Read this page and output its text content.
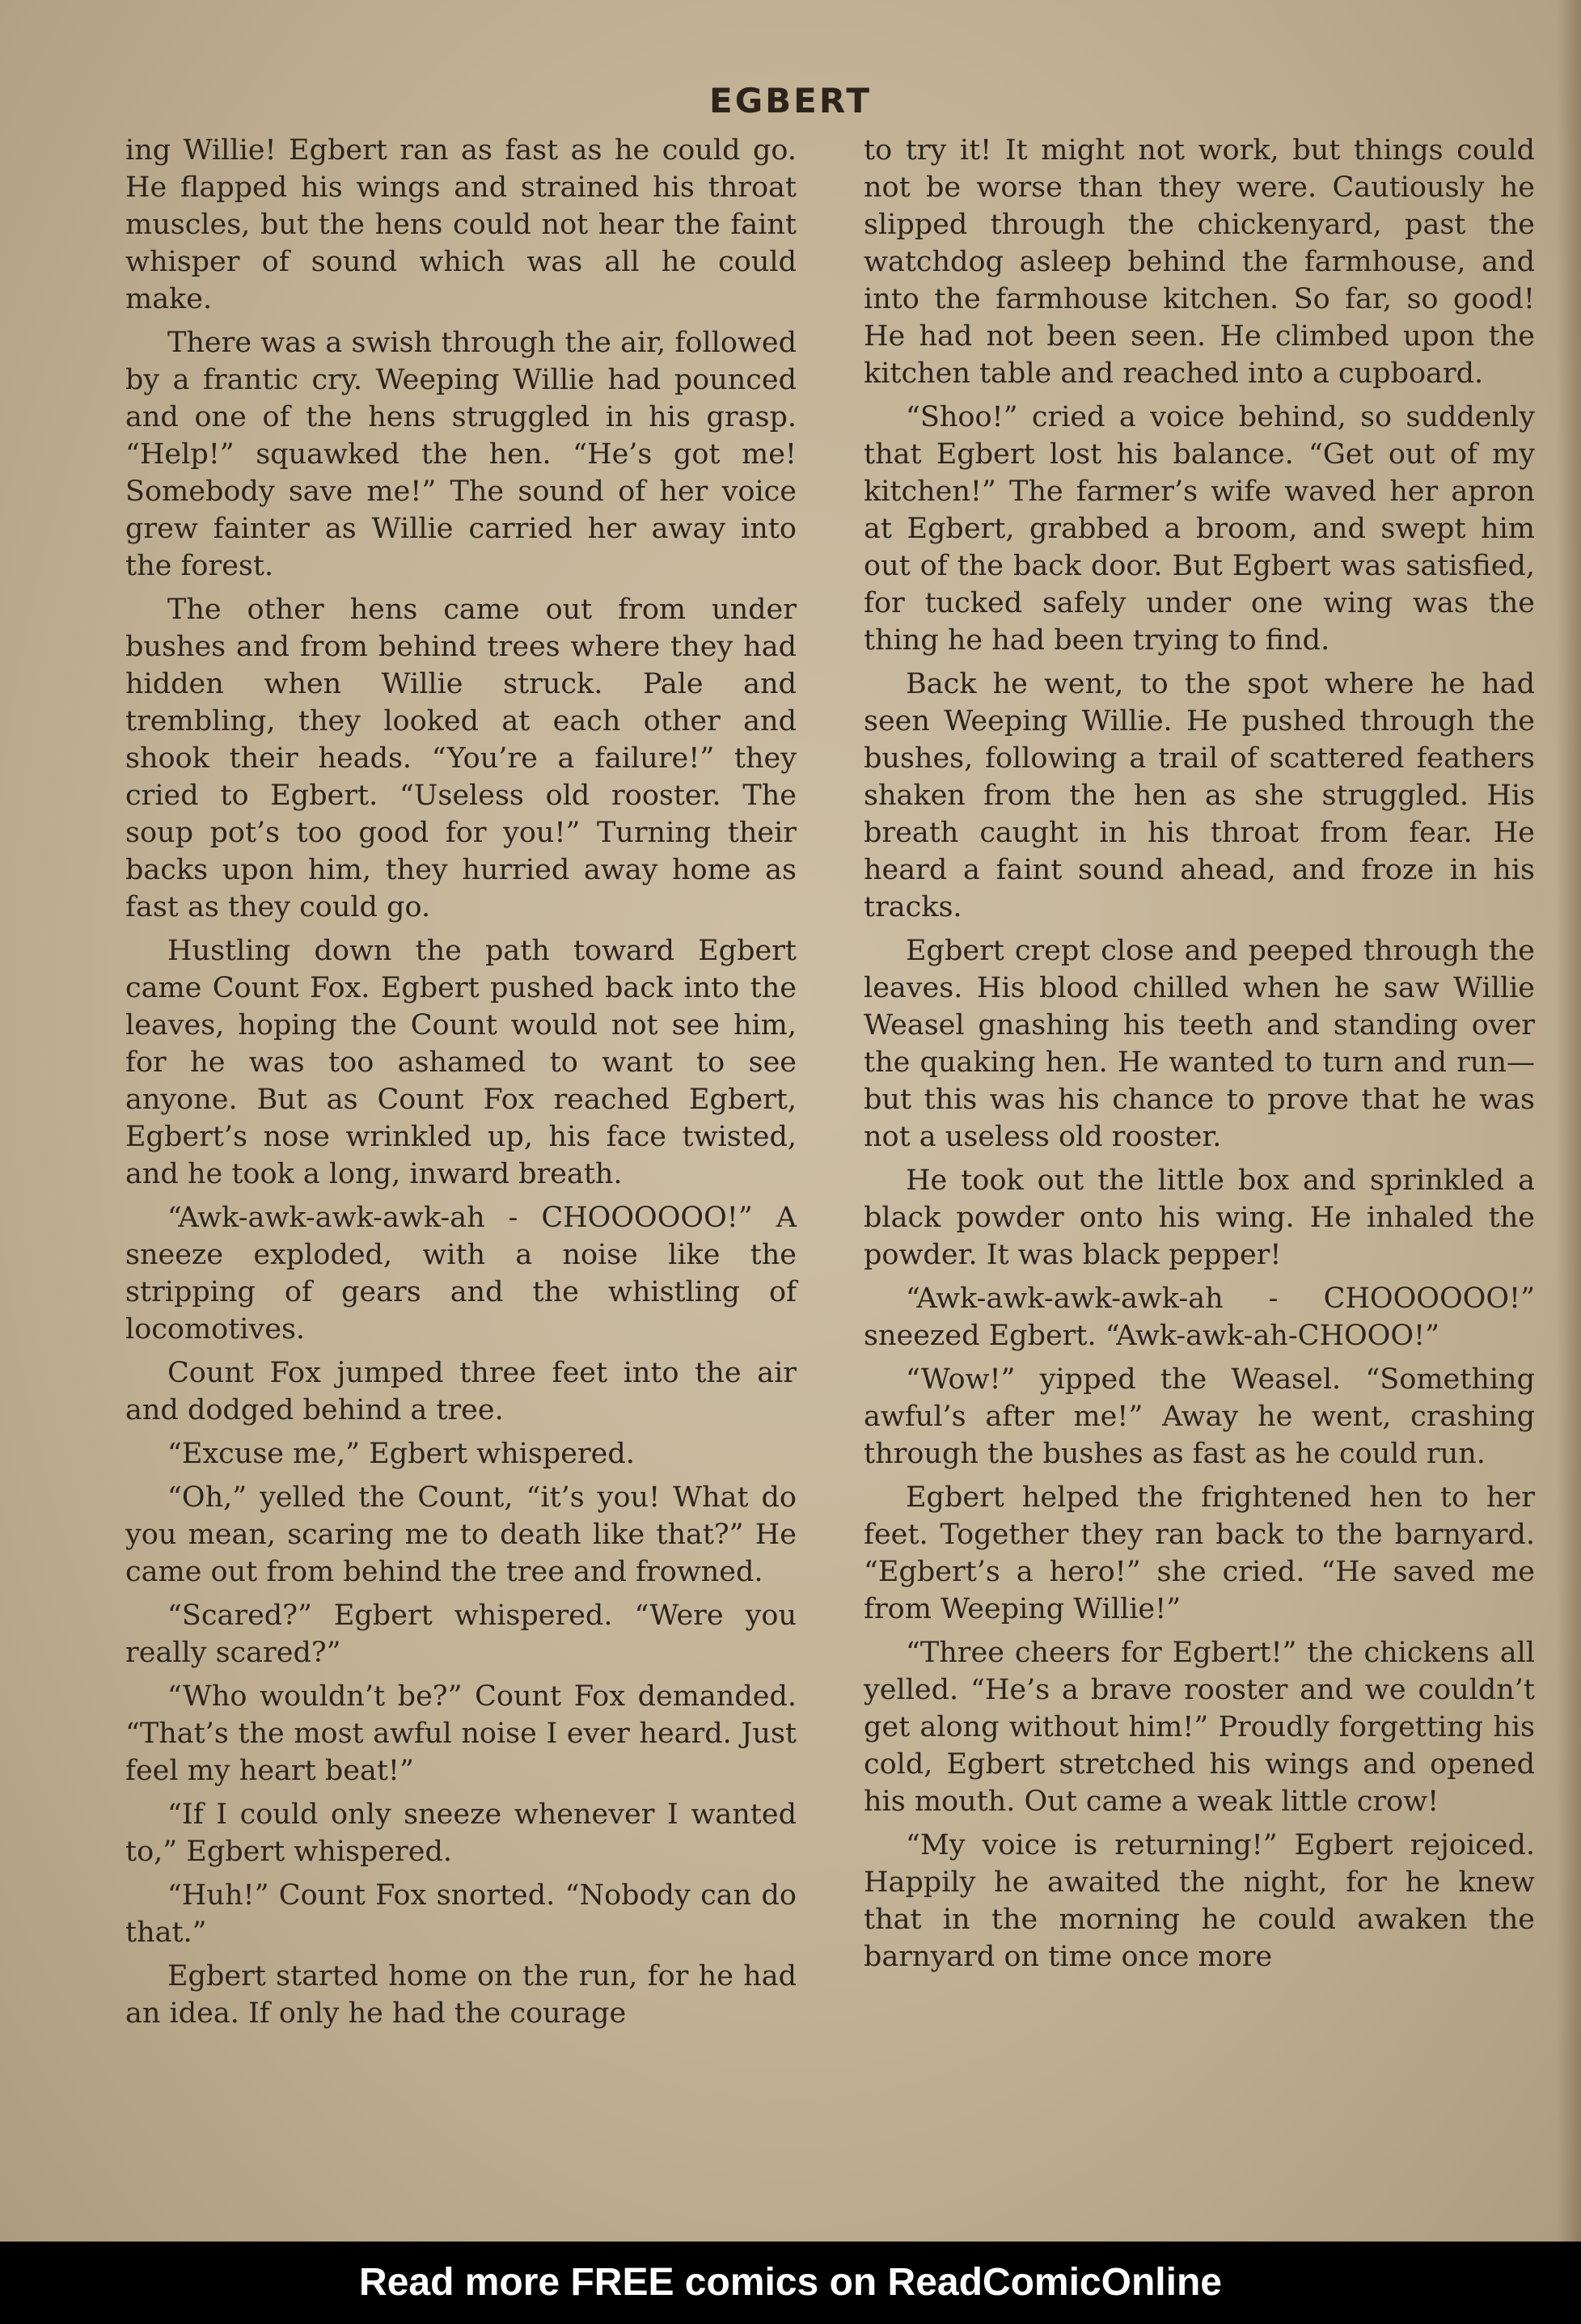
EGBERT

ing Willie! Egbert ran as fast as he could go. He flapped his wings and strained his throat muscles, but the hens could not hear the faint whisper of sound which was all he could make.

There was a swish through the air, followed by a frantic cry. Weeping Willie had pounced and one of the hens struggled in his grasp. “Help!” squawked the hen. “He’s got me! Somebody save me!” The sound of her voice grew fainter as Willie carried her away into the forest.

The other hens came out from under bushes and from behind trees where they had hidden when Willie struck. Pale and trembling, they looked at each other and shook their heads. “You’re a failure!” they cried to Egbert. “Useless old rooster. The soup pot’s too good for you!” Turning their backs upon him, they hurried away home as fast as they could go.

Hustling down the path toward Egbert came Count Fox. Egbert pushed back into the leaves, hoping the Count would not see him, for he was too ashamed to want to see anyone. But as Count Fox reached Egbert, Egbert’s nose wrinkled up, his face twisted, and he took a long, inward breath.

“Awk-awk-awk-awk-ah - CHOOOOOO!” A sneeze exploded, with a noise like the stripping of gears and the whistling of locomotives.

Count Fox jumped three feet into the air and dodged behind a tree.

“Excuse me,” Egbert whispered.

“Oh,” yelled the Count, “it’s you! What do you mean, scaring me to death like that?” He came out from behind the tree and frowned.

“Scared?” Egbert whispered. “Were you really scared?”

“Who wouldn’t be?” Count Fox demanded. “That’s the most awful noise I ever heard. Just feel my heart beat!”

“If I could only sneeze whenever I wanted to,” Egbert whispered.

“Huh!” Count Fox snorted. “Nobody can do that.”

Egbert started home on the run, for he had an idea. If only he had the courage

to try it! It might not work, but things could not be worse than they were. Cautiously he slipped through the chickenyard, past the watchdog asleep behind the farmhouse, and into the farmhouse kitchen. So far, so good! He had not been seen. He climbed upon the kitchen table and reached into a cupboard.

“Shoo!” cried a voice behind, so suddenly that Egbert lost his balance. “Get out of my kitchen!” The farmer’s wife waved her apron at Egbert, grabbed a broom, and swept him out of the back door. But Egbert was satisfied, for tucked safely under one wing was the thing he had been trying to find.

Back he went, to the spot where he had seen Weeping Willie. He pushed through the bushes, following a trail of scattered feathers shaken from the hen as she struggled. His breath caught in his throat from fear. He heard a faint sound ahead, and froze in his tracks.

Egbert crept close and peeped through the leaves. His blood chilled when he saw Willie Weasel gnashing his teeth and standing over the quaking hen. He wanted to turn and run—but this was his chance to prove that he was not a useless old rooster.

He took out the little box and sprinkled a black powder onto his wing. He inhaled the powder. It was black pepper!

“Awk-awk-awk-awk-ah - CHOOOOOO!” sneezed Egbert. “Awk-awk-ah-CHOOO!”

“Wow!” yipped the Weasel. “Something awful’s after me!” Away he went, crashing through the bushes as fast as he could run.

Egbert helped the frightened hen to her feet. Together they ran back to the barnyard. “Egbert’s a hero!” she cried. “He saved me from Weeping Willie!”

“Three cheers for Egbert!” the chickens all yelled. “He’s a brave rooster and we couldn’t get along without him!” Proudly forgetting his cold, Egbert stretched his wings and opened his mouth. Out came a weak little crow!

“My voice is returning!” Egbert rejoiced. Happily he awaited the night, for he knew that in the morning he could awaken the barnyard on time once more

Read more FREE comics on ReadComicOnline
